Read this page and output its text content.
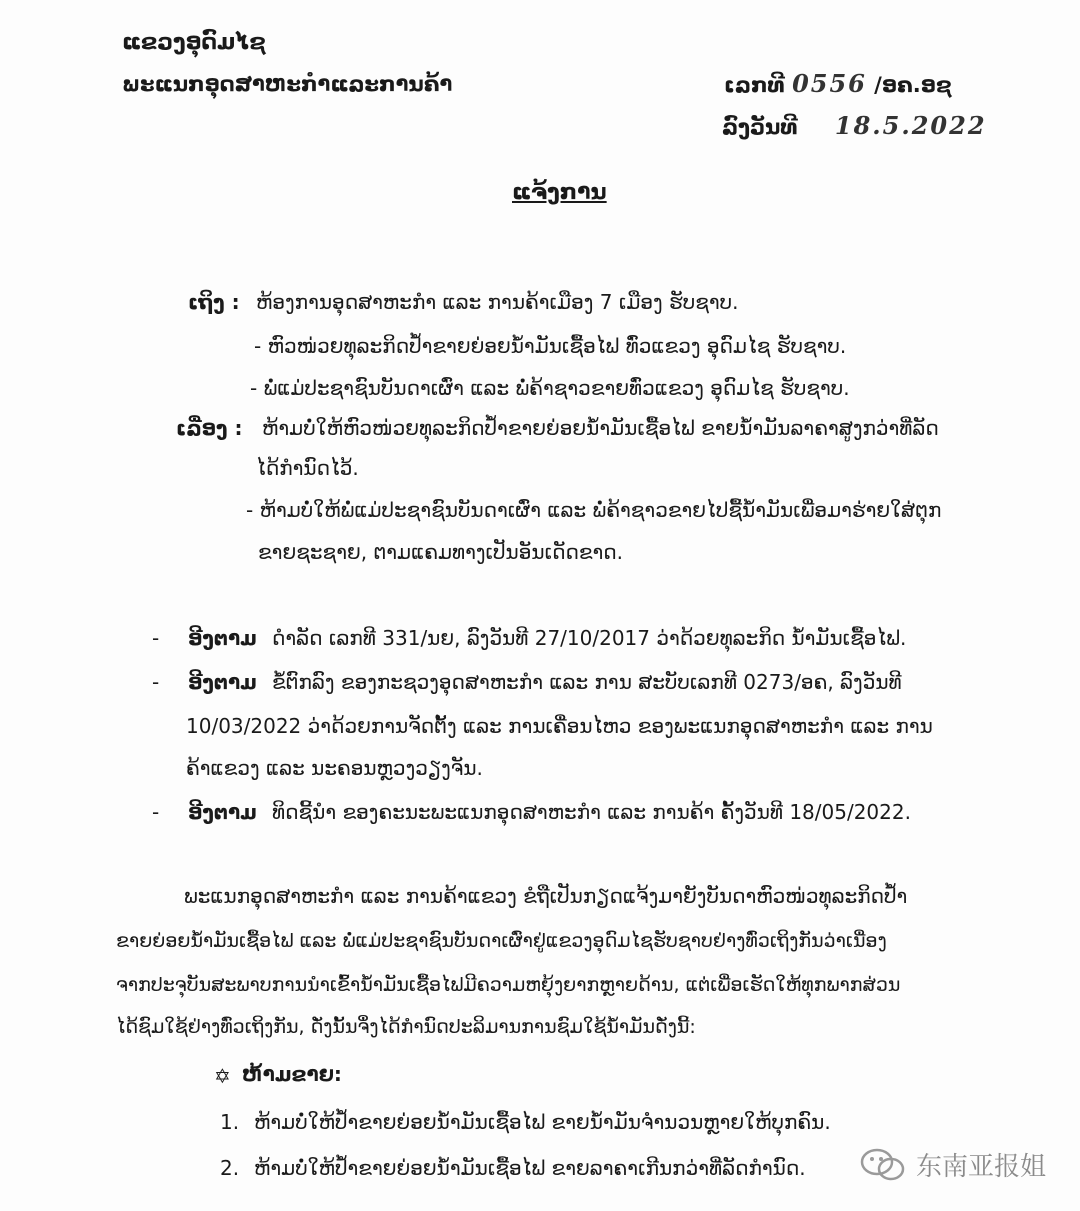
ແຂວງອຸດົມໄຊ
ພະແນກອຸດສາຫະກຳແລະການຄ້າ	ເລກທີ 0556 /ອຄ.ອຊ
ລົງວັນທີ 18.5.2022
ແຈ້ງການ
ເຖິງ : ຫ້ອງການອຸດສາຫະກຳ ແລະ ການຄ້າເມືອງ 7 ເມືອງ ຮັບຊາບ.
- ຫົວໜ່ວຍທຸລະກິດປ້ຳຂາຍຍ່ອຍນ້ຳມັນເຊື້ອໄຟ ທົ່ວແຂວງ ອຸດົມໄຊ ຮັບຊາບ.
- ພໍ່ແມ່ປະຊາຊົນບັນດາເຜົ່າ ແລະ ພໍ່ຄ້າຊາວຂາຍທົ່ວແຂວງ ອຸດົມໄຊ ຮັບຊາບ.
ເລື່ອງ : ຫ້າມບໍ່ໃຫ້ຫົວໜ່ວຍທຸລະກິດປ້ຳຂາຍຍ່ອຍນ້ຳມັນເຊື້ອໄຟ ຂາຍນ້ຳມັນລາຄາສູງກວ່າທີ່ລັດ
ໄດ້ກຳນົດໄວ້.
- ຫ້າມບໍ່ໃຫ້ພໍ່ແມ່ປະຊາຊົນບັນດາເຜົ່າ ແລະ ພໍ່ຄ້າຊາວຂາຍໄປຊື້ນ້ຳມັນເພື່ອມາຮ່າຍໃສ່ຕຸກ
ຂາຍຊະຊາຍ, ຕາມແຄມທາງເປັນອັນເດັດຂາດ.
- ອີງຕາມ ດຳລັດ ເລກທີ 331/ນຍ, ລົງວັນທີ 27/10/2017 ວ່າດ້ວຍທຸລະກິດ ນ້ຳມັນເຊື້ອໄຟ.
- ອີງຕາມ ຂໍ້ຕົກລົງ ຂອງກະຊວງອຸດສາຫະກຳ ແລະ ການ ສະບັບເລກທີ 0273/ອຄ, ລົງວັນທີ
10/03/2022 ວ່າດ້ວຍການຈັດຕັ້ງ ແລະ ການເຄື່ອນໄຫວ ຂອງພະແນກອຸດສາຫະກຳ ແລະ ການ
ຄ້າແຂວງ ແລະ ນະຄອນຫຼວງວຽງຈັນ.
- ອີງຕາມ ທິດຊີ້ນຳ ຂອງຄະນະພະແນກອຸດສາຫະກຳ ແລະ ການຄ້າ ຄັ້ງວັນທີ 18/05/2022.
ພະແນກອຸດສາຫະກຳ ແລະ ການຄ້າແຂວງ ຂໍຖືເປັນກຽດແຈ້ງມາຍັງບັນດາຫົວໜ່ວທຸລະກິດປ້ຳ
ຂາຍຍ່ອຍນ້ຳມັນເຊື້ອໄຟ ແລະ ພໍ່ແມ່ປະຊາຊົນບັນດາເຜົ່າຢູ່ແຂວງອຸດົມໄຊຮັບຊາບຢ່າງທົ່ວເຖິງກັນວ່າເນື່ອງ
ຈາກປະຈຸບັນສະພາບການນຳເຂົ້ານ້ຳມັນເຊື້ອໄຟມີຄວາມຫຍຸ້ງຍາກຫຼາຍດ້ານ, ແຕ່ເພື່ອເຮັດໃຫ້ທຸກພາກສ່ວນ
ໄດ້ຊົມໃຊ້ຢ່າງທົ່ວເຖິງກັນ, ດັ່ງນັ້ນຈຶ່ງໄດ້ກຳນົດປະລິມານການຊົມໃຊ້ນ້ຳມັນດັ່ງນີ້:
✡ ຫ້າມຂາຍ:
1. ຫ້າມບໍ່ໃຫ້ປ້ຳຂາຍຍ່ອຍນ້ຳມັນເຊື້ອໄຟ ຂາຍນ້ຳມັນຈຳນວນຫຼາຍໃຫ້ບຸກຄົນ.
2. ຫ້າມບໍ່ໃຫ້ປ້ຳຂາຍຍ່ອຍນ້ຳມັນເຊື້ອໄຟ ຂາຍລາຄາເກີນກວ່າທີ່ລັດກຳນົດ.	东南亚报姐
